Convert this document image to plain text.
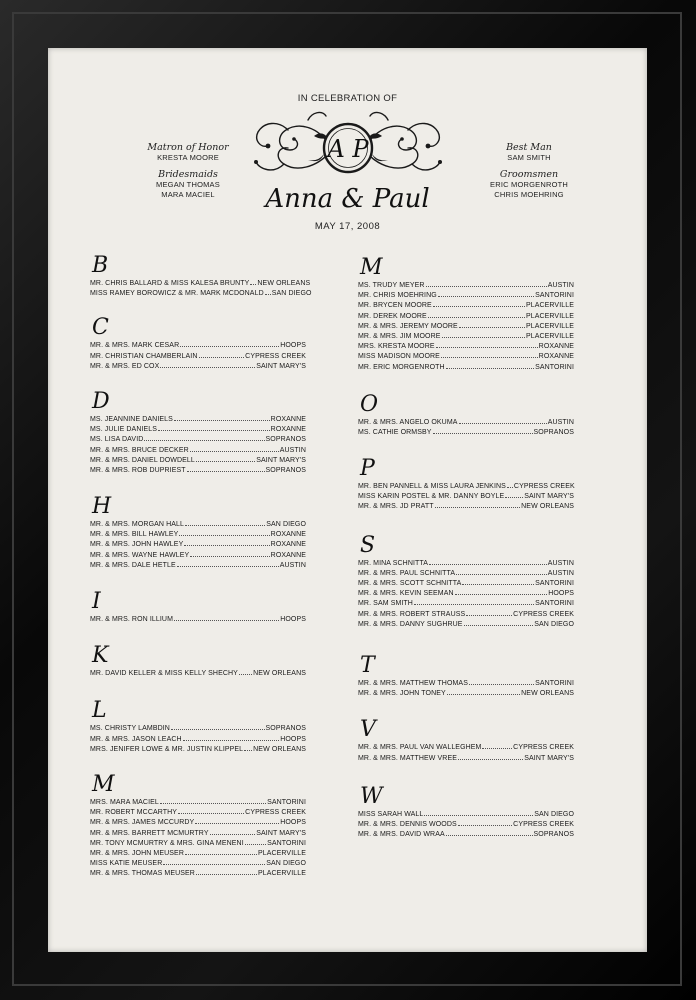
IN CELEBRATION OF
A P
Anna & Paul
MAY 17, 2008
Matron of Honor
KRESTA MOORE
Bridesmaids
MEGAN THOMAS
MARA MACIEL
Best Man
SAM SMITH
Groomsmen
ERIC MORGENROTH
CHRIS MOEHRING
B
MR. CHRIS BALLARD & MISS KALESA BRUNTY NEW ORLEANS
MISS RAMEY BOROWICZ & MR. MARK MCDONALD SAN DIEGO
C
MR. & MRS. MARK CESAR	HOOPS
MR. CHRISTIAN CHAMBERLAIN	CYPRESS CREEK
MR. & MRS. ED COX	SAINT MARY'S
D
MS. JEANNINE DANIELS	ROXANNE
MS. JULIE DANIELS	ROXANNE
MS. LISA DAVID	SOPRANOS
MR. & MRS. BRUCE DECKER	AUSTIN
MR. & MRS. DANIEL DOWDELL	SAINT MARY'S
MR. & MRS. ROB DUPRIEST	SOPRANOS
H
MR. & MRS. MORGAN HALL	SAN DIEGO
MR. & MRS. BILL HAWLEY	ROXANNE
MR. & MRS. JOHN HAWLEY	ROXANNE
MR. & MRS. WAYNE HAWLEY	ROXANNE
MR. & MRS. DALE HETLE	AUSTIN
I
MR. & MRS. RON ILLIUM	HOOPS
K
MR. DAVID KELLER & MISS KELLY SHECHY NEW ORLEANS
L
MS. CHRISTY LAMBDIN	SOPRANOS
MR. & MRS. JASON LEACH	HOOPS
MRS. JENIFER LOWE & MR. JUSTIN KLIPPEL NEW ORLEANS
M
MRS. MARA MACIEL	SANTORINI
MR. ROBERT MCCARTHY	CYPRESS CREEK
MR. & MRS. JAMES MCCURDY	HOOPS
MR. & MRS. BARRETT MCMURTRY	SAINT MARY'S
MR. TONY MCMURTRY & MRS. GINA MENENI	SANTORINI
MR. & MRS. JOHN MEUSER	PLACERVILLE
MISS KATIE MEUSER	SAN DIEGO
MR. & MRS. THOMAS MEUSER	PLACERVILLE
M
MS. TRUDY MEYER	AUSTIN
MR. CHRIS MOEHRING	SANTORINI
MR. BRYCEN MOORE	PLACERVILLE
MR. DEREK MOORE	PLACERVILLE
MR. & MRS. JEREMY MOORE	PLACERVILLE
MR. & MRS. JIM MOORE	PLACERVILLE
MRS. KRESTA MOORE	ROXANNE
MISS MADISON MOORE	ROXANNE
MR. ERIC MORGENROTH	SANTORINI
O
MR. & MRS. ANGELO OKUMA	AUSTIN
MS. CATHIE ORMSBY	SOPRANOS
P
MR. BEN PANNELL & MISS LAURA JENKINS CYPRESS CREEK
MISS KARIN POSTEL & MR. DANNY BOYLE	SAINT MARY'S
MR. & MRS. JD PRATT	NEW ORLEANS
S
MR. MINA SCHNITTA	AUSTIN
MR. & MRS. PAUL SCHNITTA	AUSTIN
MR. & MRS. SCOTT SCHNITTA	SANTORINI
MR. & MRS. KEVIN SEEMAN	HOOPS
MR. SAM SMITH	SANTORINI
MR. & MRS. ROBERT STRAUSS	CYPRESS CREEK
MR. & MRS. DANNY SUGHRUE	SAN DIEGO
T
MR. & MRS. MATTHEW THOMAS	SANTORINI
MR. & MRS. JOHN TONEY	NEW ORLEANS
V
MR. & MRS. PAUL VAN WALLEGHEM	CYPRESS CREEK
MR. & MRS. MATTHEW VREE	SAINT MARY'S
W
MISS SARAH WALL	SAN DIEGO
MR. & MRS. DENNIS WOODS	CYPRESS CREEK
MR. & MRS. DAVID WRAA	SOPRANOS
